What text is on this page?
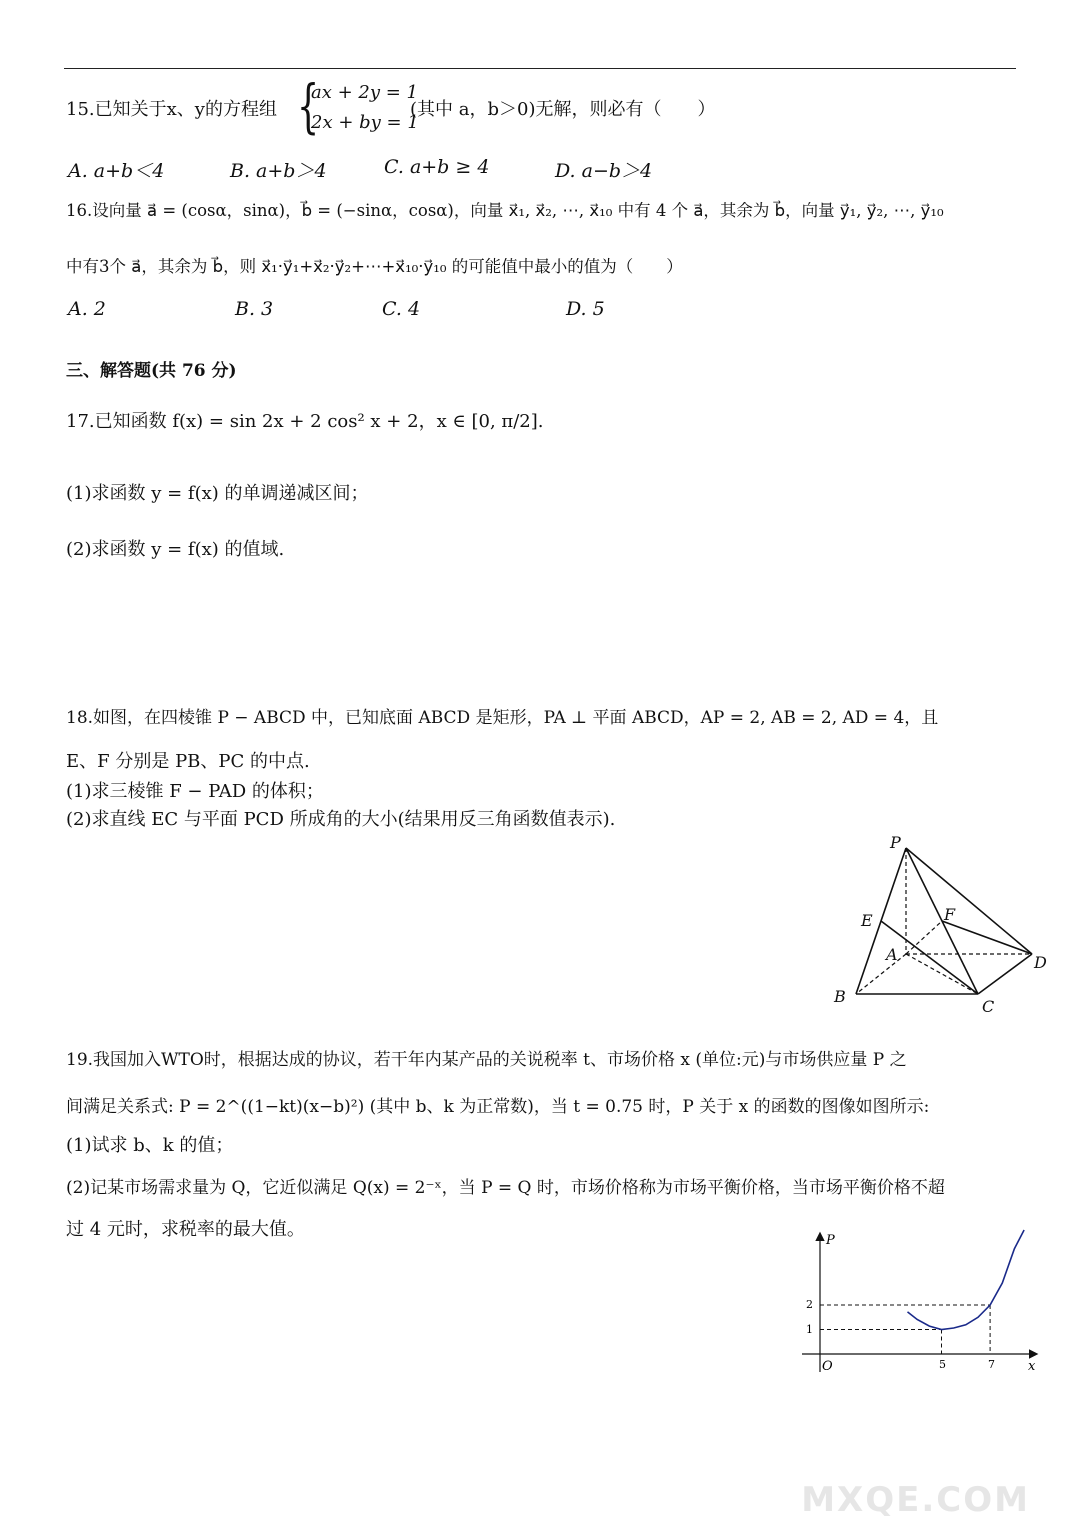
15.已知关于x、y的方程组 {
ax + 2y = 1
2x + by = 1
(其中 a，b＞0)无解，则必有（　　）
A. a+b＜4	B. a+b＞4	C. a+b ≥ 4	D. a−b＞4
16.设向量 a⃗ = (cosα，sinα)，b⃗ = (−sinα，cosα)，向量 x⃗₁, x⃗₂, ⋯, x⃗₁₀ 中有 4 个 a⃗，其余为 b⃗，向量 y⃗₁, y⃗₂, ⋯, y⃗₁₀
中有3个 a⃗，其余为 b⃗，则 x⃗₁·y⃗₁+x⃗₂·y⃗₂+⋯+x⃗₁₀·y⃗₁₀ 的可能值中最小的值为（　　）
A. 2	B. 3	C. 4	D. 5
三、解答题(共 76 分)
17.已知函数 f(x) = sin 2x + 2 cos² x + 2，x ∈ [0, π/2].
(1)求函数 y = f(x) 的单调递减区间；
(2)求函数 y = f(x) 的值域.
18.如图，在四棱锥 P − ABCD 中，已知底面 ABCD 是矩形，PA ⊥ 平面 ABCD，AP = 2, AB = 2, AD = 4，且
E、F 分别是 PB、PC 的中点.
(1)求三棱锥 F − PAD 的体积；
(2)求直线 EC 与平面 PCD 所成角的大小(结果用反三角函数值表示).
P
E	F
A	D
B
C
19.我国加入WTO时，根据达成的协议，若干年内某产品的关说税率 t、市场价格 x (单位:元)与市场供应量 P 之
间满足关系式: P = 2^((1−kt)(x−b)²) (其中 b、k 为正常数)，当 t = 0.75 时，P 关于 x 的函数的图像如图所示:
(1)试求 b、k 的值；
(2)记某市场需求量为 Q，它近似满足 Q(x) = 2⁻ˣ，当 P = Q 时，市场价格称为市场平衡价格，当市场平衡价格不超
过 4 元时，求税率的最大值。
P
x
O
2
1
5	7
MXQE.COM
